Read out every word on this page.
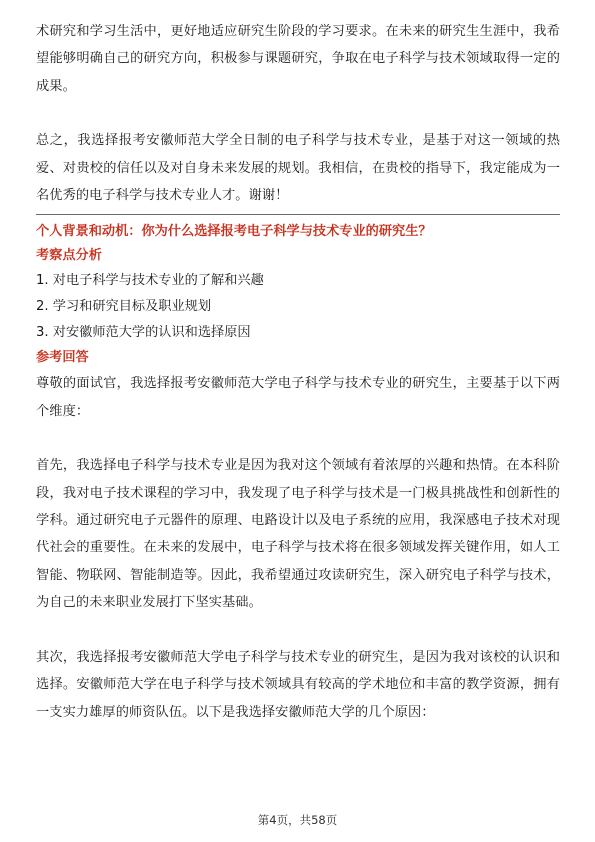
术研究和学习生活中，更好地适应研究生阶段的学习要求。在未来的研究生生涯中，我希望能够明确自己的研究方向，积极参与课题研究，争取在电子科学与技术领域取得一定的成果。

总之，我选择报考安徽师范大学全日制的电子科学与技术专业，是基于对这一领域的热爱、对贵校的信任以及对自身未来发展的规划。我相信，在贵校的指导下，我定能成为一名优秀的电子科学与技术专业人才。谢谢！

个人背景和动机：你为什么选择报考电子科学与技术专业的研究生？

考察点分析

1. 对电子科学与技术专业的了解和兴趣
2. 学习和研究目标及职业规划
3. 对安徽师范大学的认识和选择原因

参考回答

尊敬的面试官，我选择报考安徽师范大学电子科学与技术专业的研究生，主要基于以下两个维度：

首先，我选择电子科学与技术专业是因为我对这个领域有着浓厚的兴趣和热情。在本科阶段，我对电子技术课程的学习中，我发现了电子科学与技术是一门极具挑战性和创新性的学科。通过研究电子元器件的原理、电路设计以及电子系统的应用，我深感电子技术对现代社会的重要性。在未来的发展中，电子科学与技术将在很多领域发挥关键作用，如人工智能、物联网、智能制造等。因此，我希望通过攻读研究生，深入研究电子科学与技术，为自己的未来职业发展打下坚实基础。

其次，我选择报考安徽师范大学电子科学与技术专业的研究生，是因为我对该校的认识和选择。安徽师范大学在电子科学与技术领域具有较高的学术地位和丰富的教学资源，拥有一支实力雄厚的师资队伍。以下是我选择安徽师范大学的几个原因：

第4页，共58页
